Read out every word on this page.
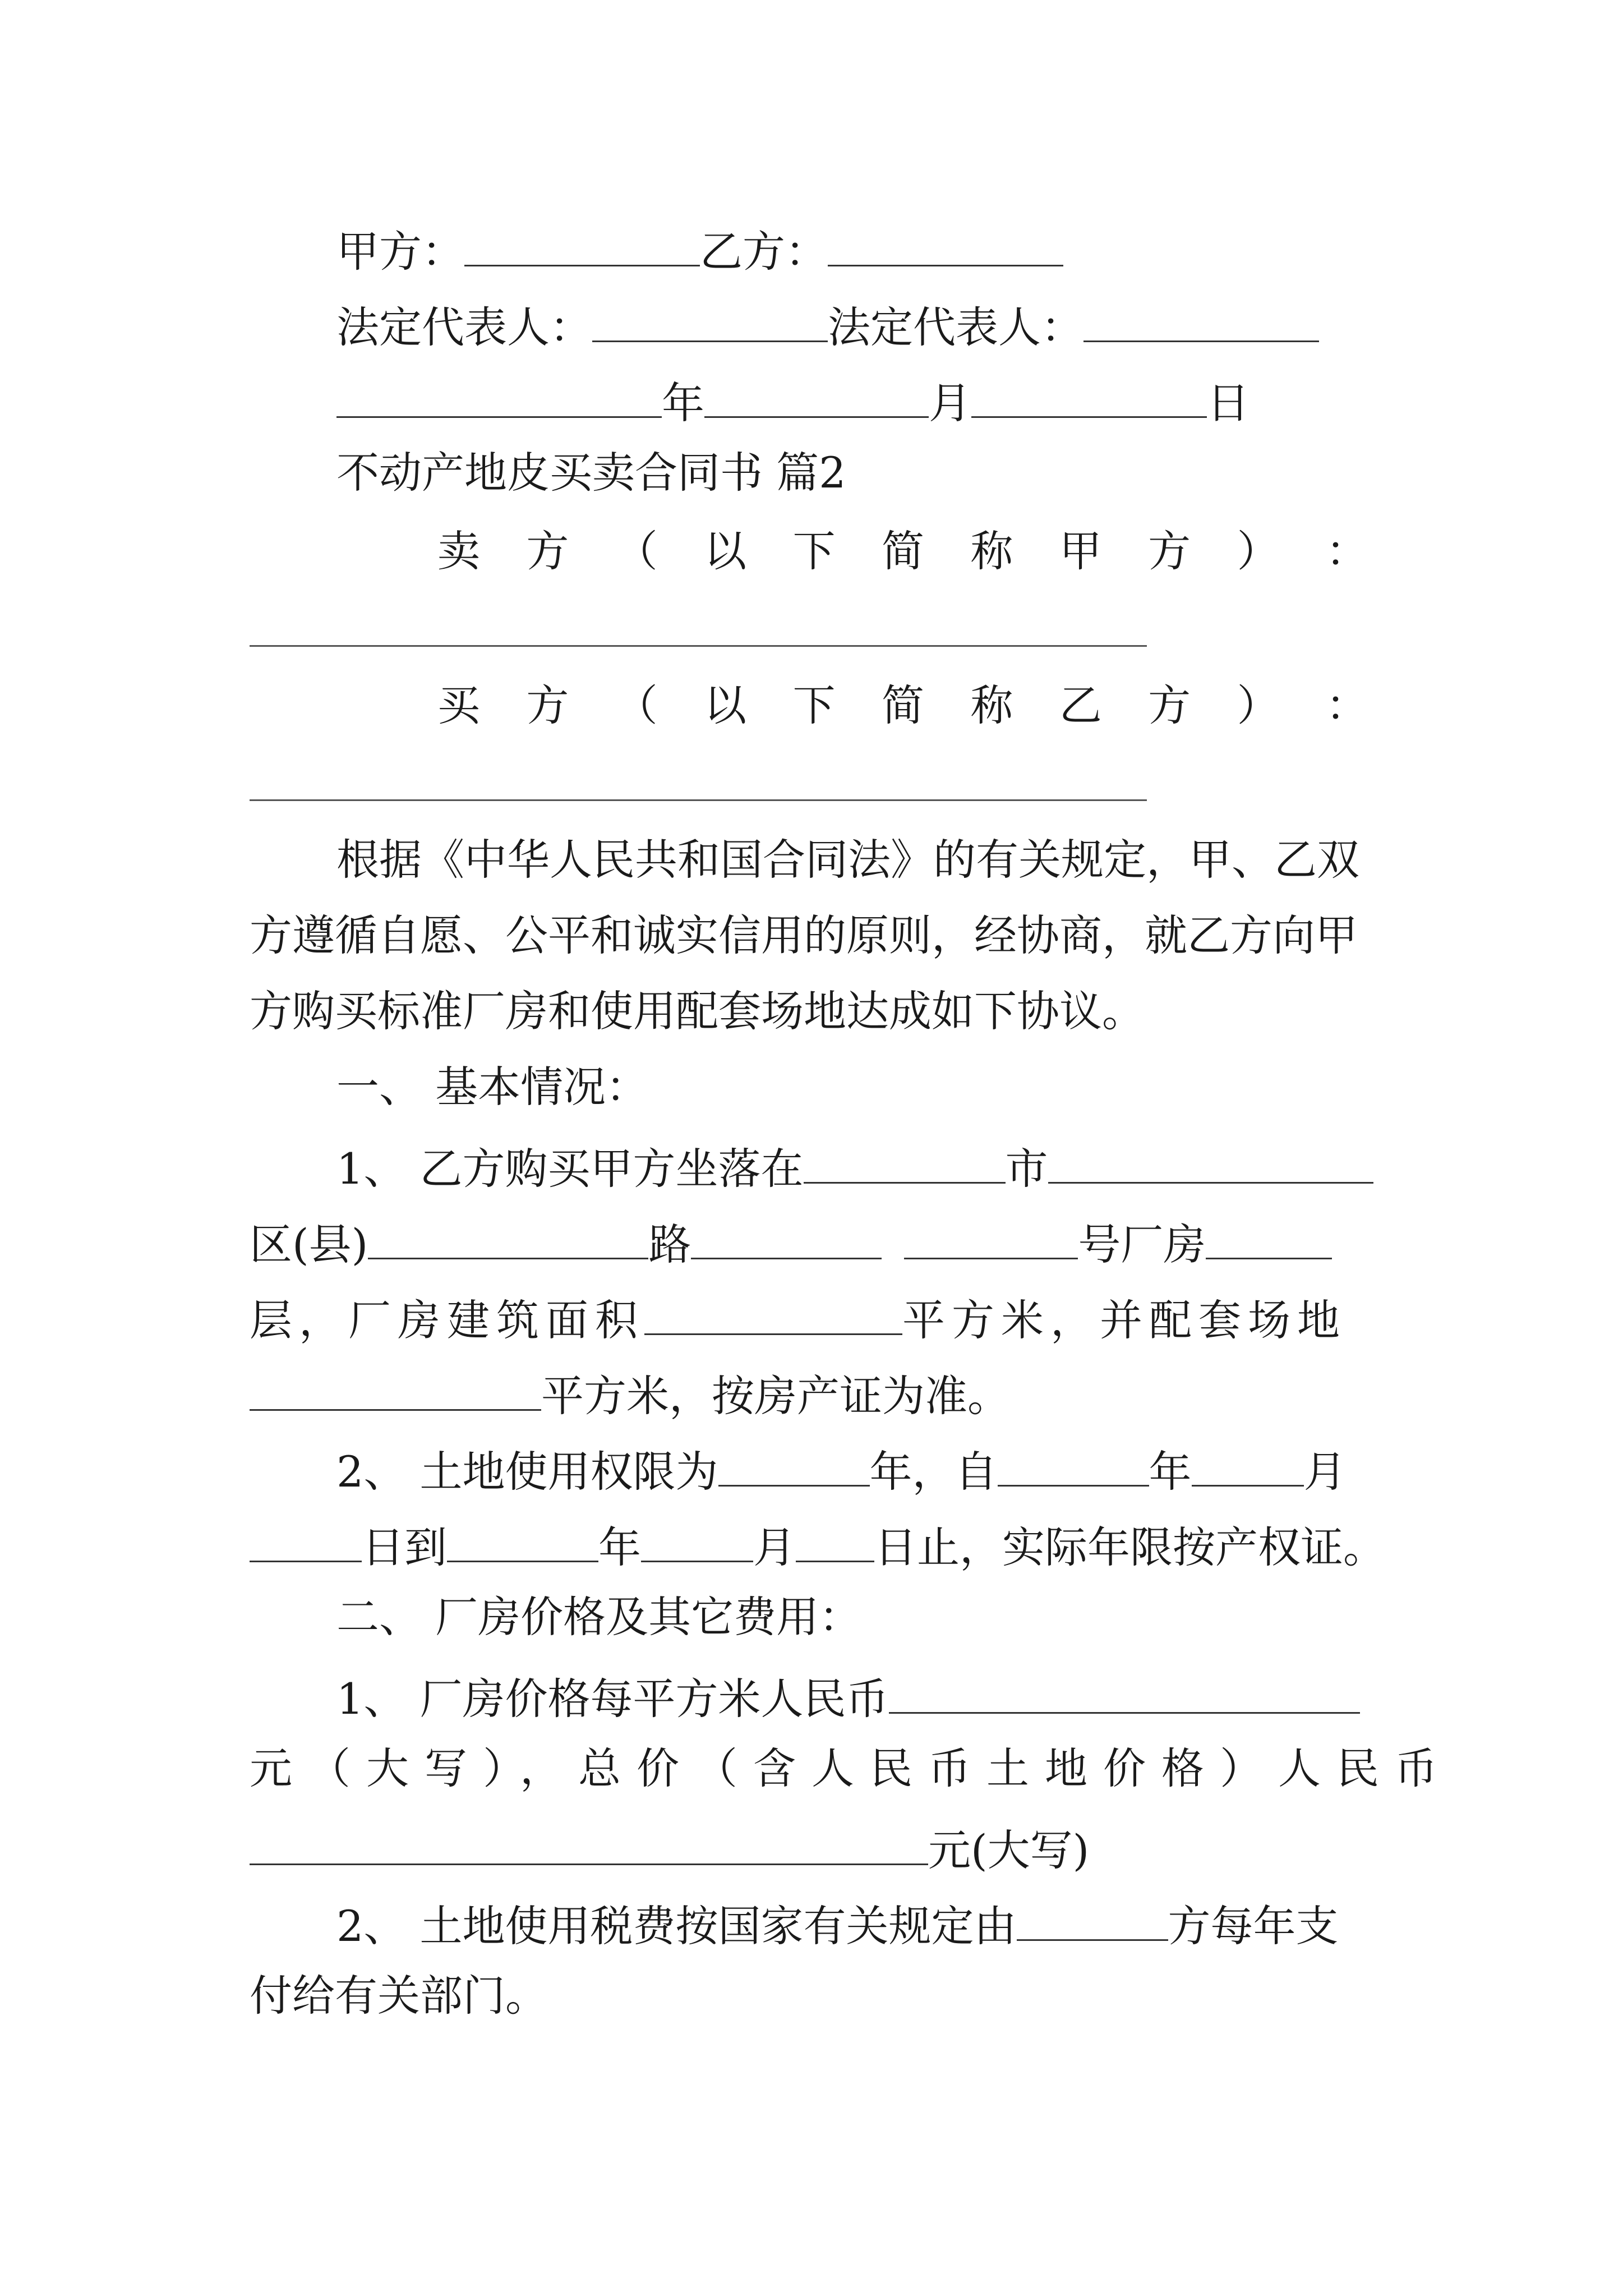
甲方：	乙方：
法定代表人：	法定代表人：
年	月	日
不动产地皮买卖合同书 篇2
卖 方 （ 以 下 简 称 甲 方 ） ：
买 方 （ 以 下 简 称 乙 方 ） ：
根据《中华人民共和国合同法》的有关规定，甲、乙双
方遵循自愿、公平和诚实信用的原则，经协商，就乙方向甲
方购买标准厂房和使用配套场地达成如下协议。
一、 基本情况：
1、 乙方购买甲方坐落在	市
区(县)	路	号厂房
层，厂房建筑面积	平方米，并配套场地
平方米，按房产证为准。
2、 土地使用权限为	年，自	年	月
日到	年	月 日止，实际年限按产权证。
二、 厂房价格及其它费用：
1、 厂房价格每平方米人民币
元（大写），总价（含人民币土地价格）人民币
元(大写)
2、 土地使用税费按国家有关规定由	方每年支
付给有关部门。
